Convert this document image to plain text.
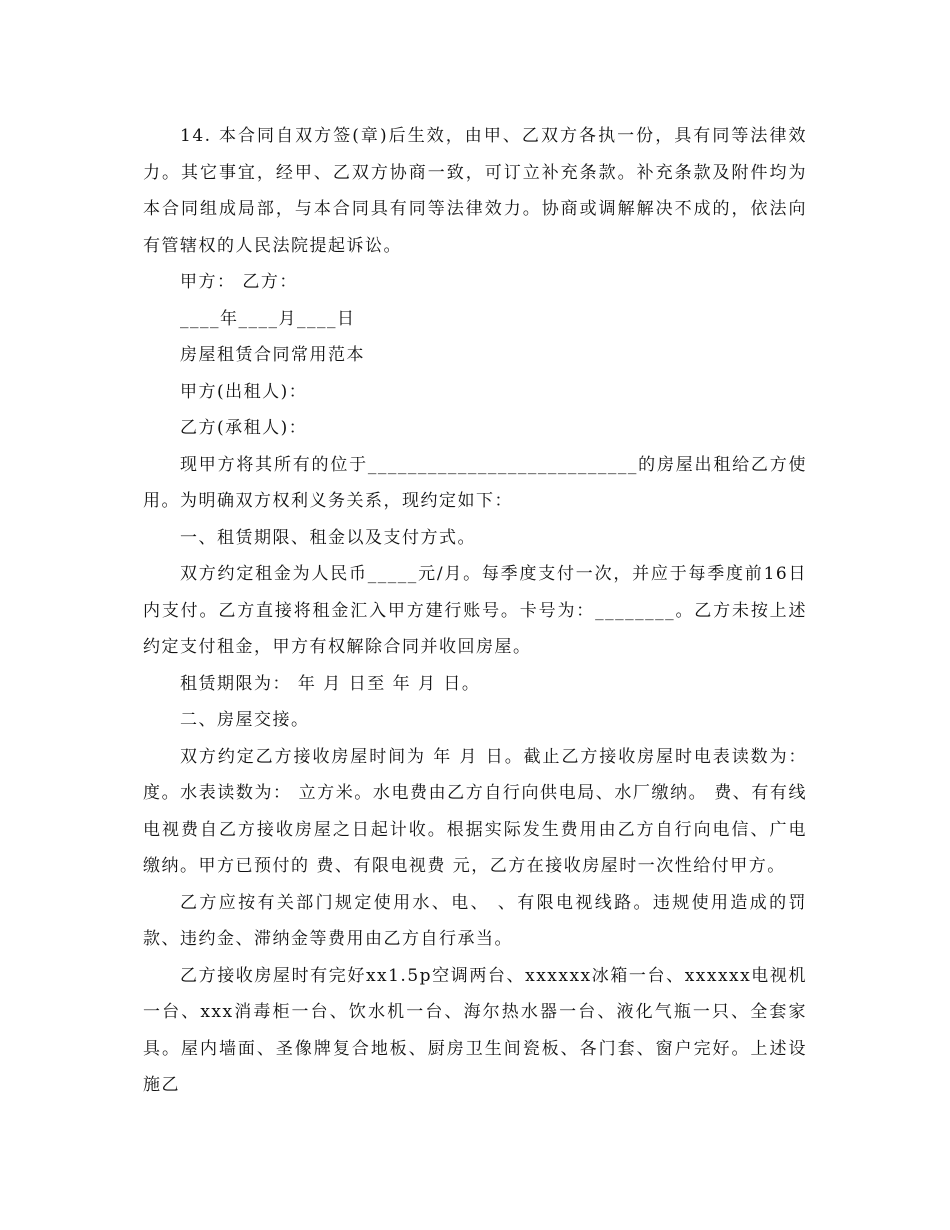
14. 本合同自双方签(章)后生效，由甲、乙双方各执一份，具有同等法律效力。其它事宜，经甲、乙双方协商一致，可订立补充条款。补充条款及附件均为本合同组成局部，与本合同具有同等法律效力。协商或调解解决不成的，依法向有管辖权的人民法院提起诉讼。

甲方： 乙方：

____年____月____日

房屋租赁合同常用范本

甲方(出租人)：

乙方(承租人)：

现甲方将其所有的位于___________________________的房屋出租给乙方使用。为明确双方权利义务关系，现约定如下：

一、租赁期限、租金以及支付方式。

双方约定租金为人民币_____元/月。每季度支付一次，并应于每季度前16日内支付。乙方直接将租金汇入甲方建行账号。卡号为：________。乙方未按上述约定支付租金，甲方有权解除合同并收回房屋。

租赁期限为： 年 月 日至 年 月 日。

二、房屋交接。

双方约定乙方接收房屋时间为 年 月 日。截止乙方接收房屋时电表读数为： 度。水表读数为： 立方米。水电费由乙方自行向供电局、水厂缴纳。 费、有有线电视费自乙方接收房屋之日起计收。根据实际发生费用由乙方自行向电信、广电缴纳。甲方已预付的 费、有限电视费 元，乙方在接收房屋时一次性给付甲方。

乙方应按有关部门规定使用水、电、 、有限电视线路。违规使用造成的罚款、违约金、滞纳金等费用由乙方自行承当。

乙方接收房屋时有完好xx1.5p空调两台、xxxxxx冰箱一台、xxxxxx电视机一台、xxx消毒柜一台、饮水机一台、海尔热水器一台、液化气瓶一只、全套家具。屋内墙面、圣像牌复合地板、厨房卫生间瓷板、各门套、窗户完好。上述设施乙
